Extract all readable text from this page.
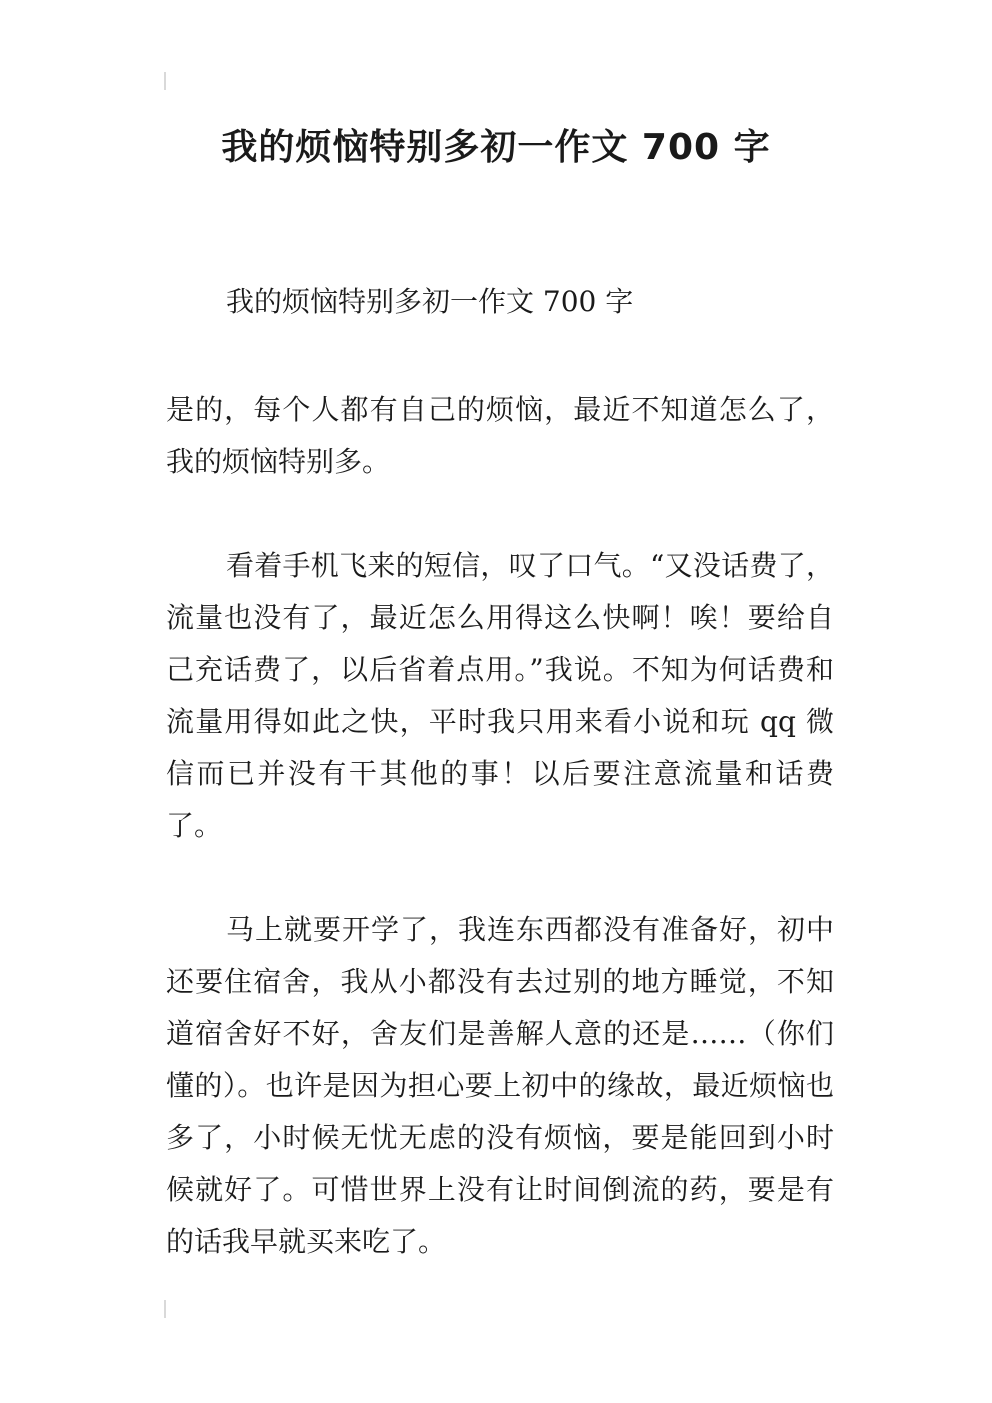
我的烦恼特别多初一作文 700 字

我的烦恼特别多初一作文 700 字

是的，每个人都有自己的烦恼，最近不知道怎么了，我的烦恼特别多。

看着手机飞来的短信，叹了口气。“又没话费了，流量也没有了，最近怎么用得这么快啊！唉！要给自己充话费了，以后省着点用。”我说。不知为何话费和流量用得如此之快，平时我只用来看小说和玩 qq 微信而已并没有干其他的事！以后要注意流量和话费了。

马上就要开学了，我连东西都没有准备好，初中还要住宿舍，我从小都没有去过别的地方睡觉，不知道宿舍好不好，舍友们是善解人意的还是……（你们懂的）。也许是因为担心要上初中的缘故，最近烦恼也多了，小时候无忧无虑的没有烦恼，要是能回到小时候就好了。可惜世界上没有让时间倒流的药，要是有的话我早就买来吃了。
